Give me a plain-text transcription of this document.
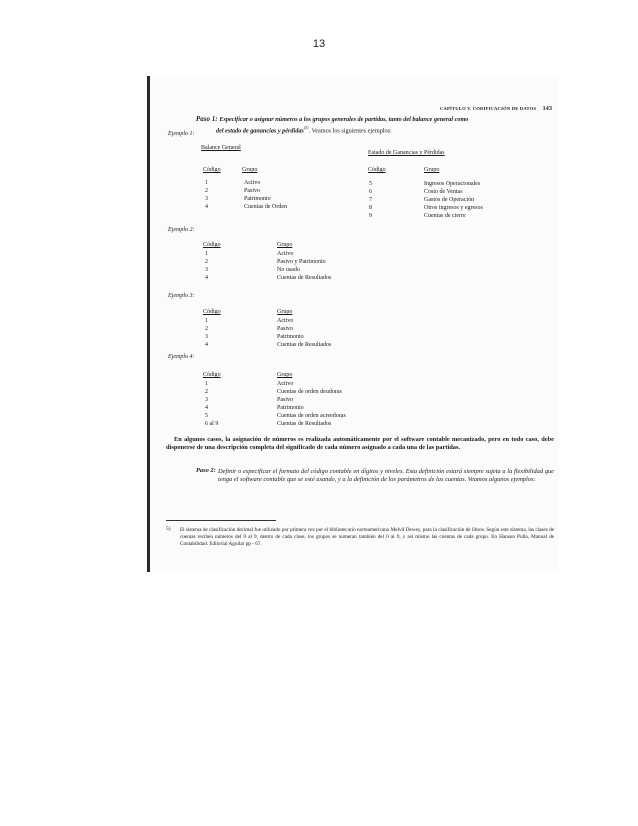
13
CAPÍTULO V. CODIFICACIÓN DE DATOS 143
Paso 1: Especificar o asignar números a los grupos generales de partidas, tanto del balance general como
del estado de ganancias y pérdidas$^{(5)}$. Veamos los siguientes ejemplos:
Ejemplo 1:
Balance General
Código	Grupo
1	Activo
2	Pasivo
3	Patrimonio
4	Cuentas de Orden
Estado de Ganancias y Pérdidas
Código	Grupo
5	Ingresos Operacionales
6	Costo de Ventas
7	Gastos de Operación
8	Otros ingresos y egresos
9	Cuentas de cierre
Ejemplo 2:
Código	Grupo
1	Activo
2	Pasivo y Patrimonio
3	No usado
4	Cuentas de Resultados
Ejemplo 3:
Código	Grupo
1	Activo
2	Pasivo
3	Patrimonio
4	Cuentas de Resultados
Ejemplo 4:
Código	Grupo
1	Activo
2	Cuentas de orden deudoras
3	Pasivo
4	Patrimonio
5	Cuentas de orden acreedoras
6 al 9	Cuentas de Resultados
En algunos casos, la asignación de números es realizada automáticamente por el software contable mecanizado, pero en todo caso, debe disponerse de una descripción completa del significado de cada número asignado a cada una de las partidas.
Paso 2: Definir o especificar el formato del código contable en dígitos y niveles. Esta definición estará siempre sujeta a la flexibilidad que tenga el software contable que se esté usando, y a la definición de los parámetros de las cuentas. Veamos algunos ejemplos:
5) El sistema de clasificación decimal fue utilizado por primera vez por el bibliotecario norteamericano Melvil Dewey, para la clasificación de libros. Según este sistema, las clases de cuentas reciben números del 0 al 9, dentro de cada clase, los grupos se numeran también del 0 al 9, y así mismo las cuentas de cada grupo. En Hanson Pulla, Manual de Contabilidad. Editorial Aguilar pp - 67.
